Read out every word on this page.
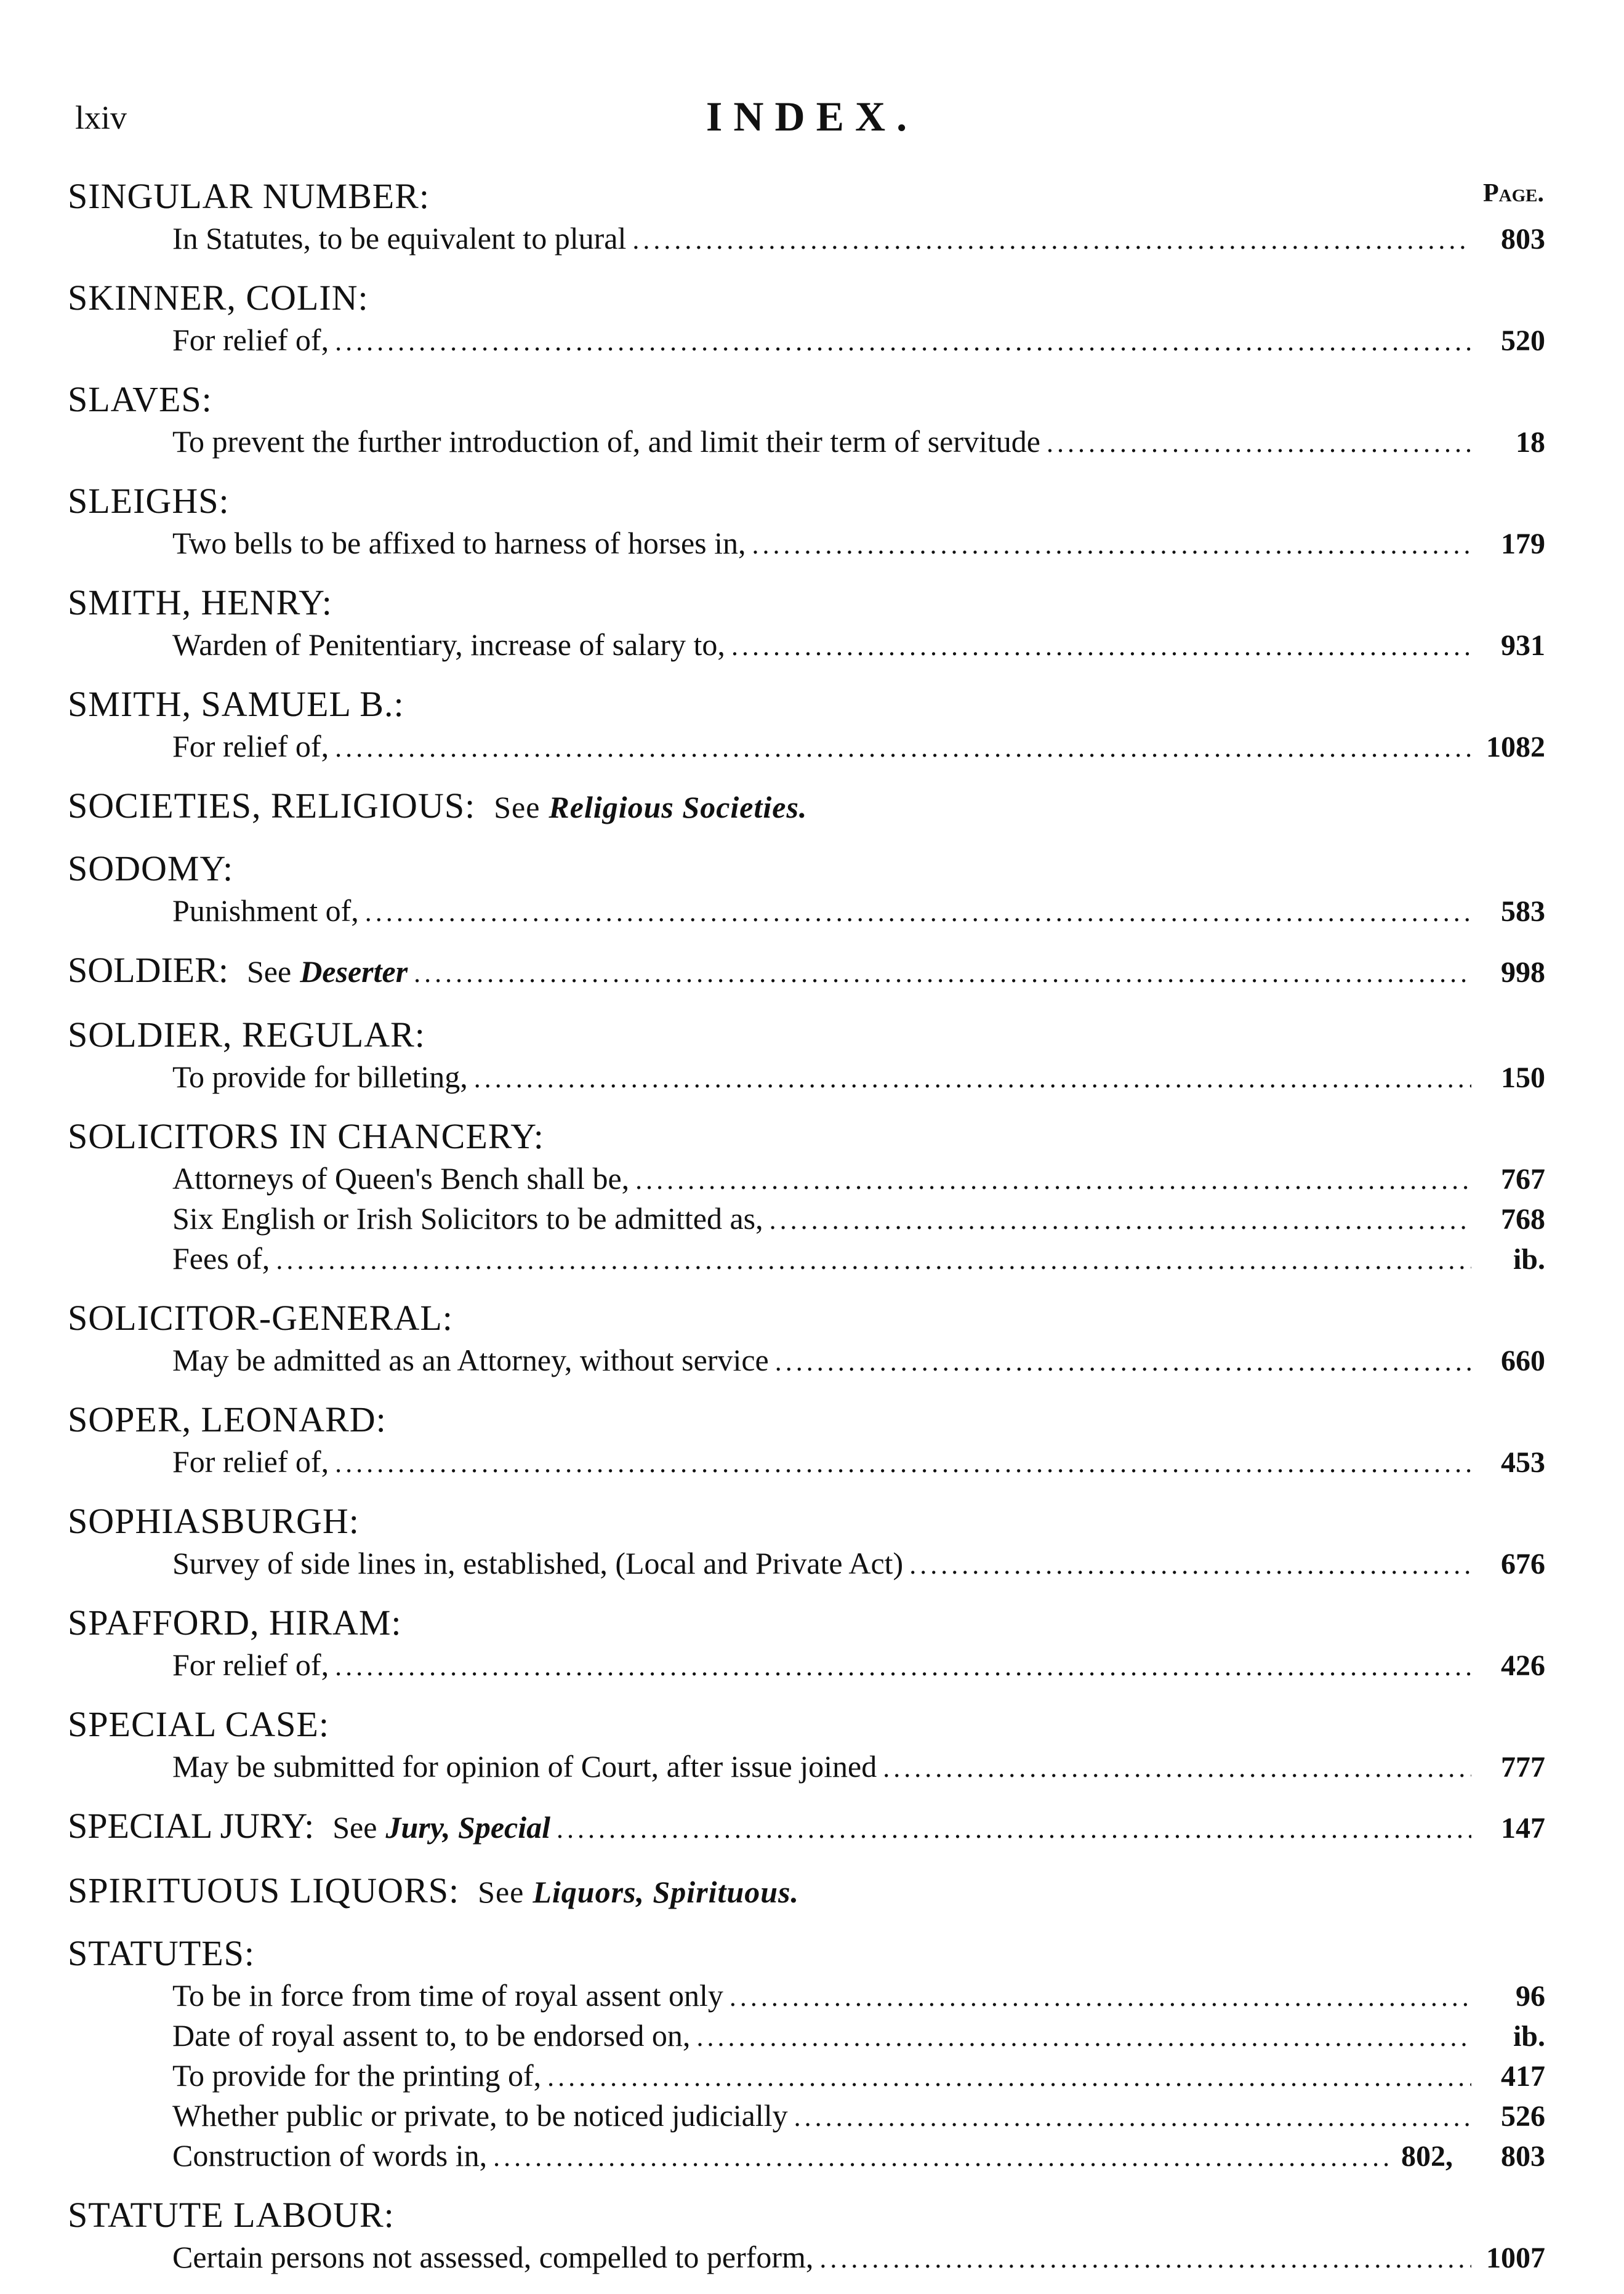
lxiv	INDEX.
Page.
SINGULAR NUMBER:
In Statutes, to be equivalent to plural .....	803
SKINNER, COLIN:
For relief of, .....	520
SLAVES:
To prevent the further introduction of, and limit their term of servitude .....	18
SLEIGHS:
Two bells to be affixed to harness of horses in, .....	179
SMITH, HENRY:
Warden of Penitentiary, increase of salary to, .....	931
SMITH, SAMUEL B.:
For relief of, .....	1082
SOCIETIES, RELIGIOUS: See Religious Societies.
SODOMY:
Punishment of, .....	583
SOLDIER: See Deserter .....	998
SOLDIER, REGULAR:
To provide for billeting, .....	150
SOLICITORS IN CHANCERY:
Attorneys of Queen's Bench shall be, .....	767
Six English or Irish Solicitors to be admitted as, .....	768
Fees of, .....	ib.
SOLICITOR-GENERAL:
May be admitted as an Attorney, without service .....	660
SOPER, LEONARD:
For relief of, .....	453
SOPHIASBURGH:
Survey of side lines in, established, (Local and Private Act) .....	676
SPAFFORD, HIRAM:
For relief of, .....	426
SPECIAL CASE:
May be submitted for opinion of Court, after issue joined .....	777
SPECIAL JURY: See Jury, Special .....	147
SPIRITUOUS LIQUORS: See Liquors, Spirituous.
STATUTES:
To be in force from time of royal assent only .....	96
Date of royal assent to, to be endorsed on, .....	ib.
To provide for the printing of, .....	417
Whether public or private, to be noticed judicially .....	526
Construction of words in, .....	802,	803
STATUTE LABOUR:
Certain persons not assessed, compelled to perform, .....	1007
